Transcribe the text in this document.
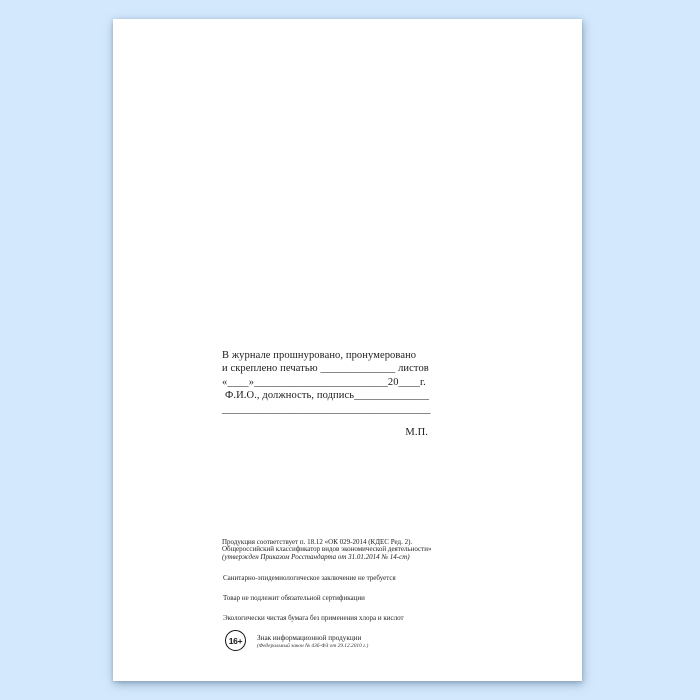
В журнале прошнуровано, пронумеровано
и скреплено печатью ______________ листов
«____»_________________________20____г.
Ф.И.О., должность, подпись______________
_______________________________________
М.П.
Продукция соответствует п. 18.12 «ОК 029-2014 (КДЕС Ред. 2).
Общероссийский классификатор видов экономической деятельности»
(утвержден Приказом Росстандарта от 31.01.2014 № 14-ст)
Санитарно-эпидемиологическое заключение не требуется
Товар не подлежит обязательной сертификации
Экологически чистая бумага без применения хлора и кислот
16+ Знак информационной продукции
(Федеральный закон № 436-ФЗ от 29.12.2010 г.)
